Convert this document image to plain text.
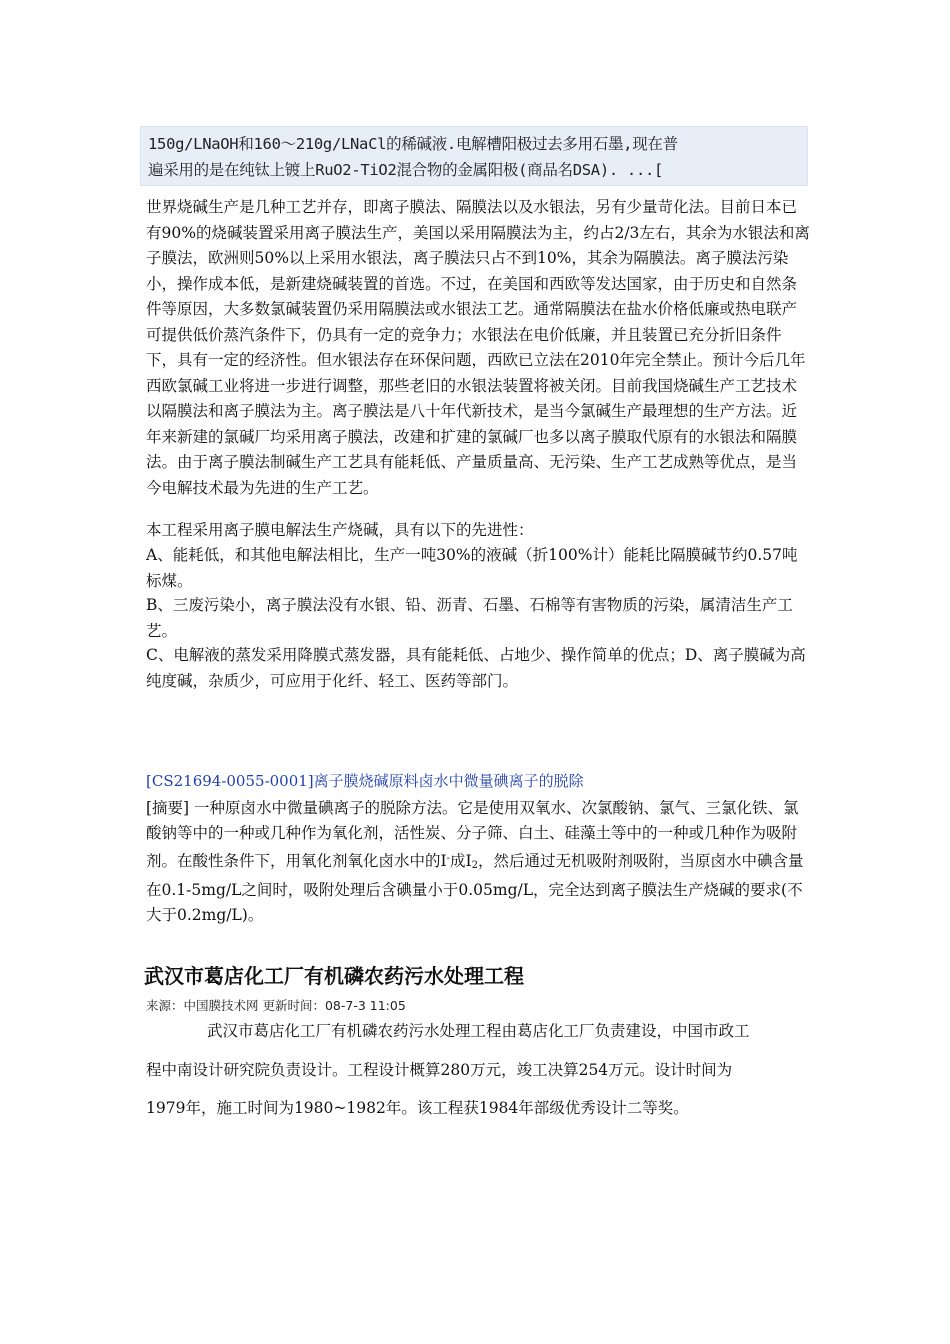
150g/LNaOH和160～210g/LNaCl的稀碱液.电解槽阳极过去多用石墨,现在普
遍采用的是在纯钛上镀上RuO2-TiO2混合物的金属阳极(商品名DSA). ...[

世界烧碱生产是几种工艺并存，即离子膜法、隔膜法以及水银法，另有少量苛化法。目前日本已有90%的烧碱装置采用离子膜法生产，美国以采用隔膜法为主，约占2/3左右，其余为水银法和离子膜法，欧洲则50%以上采用水银法，离子膜法只占不到10%，其余为隔膜法。离子膜法污染小，操作成本低，是新建烧碱装置的首选。不过，在美国和西欧等发达国家，由于历史和自然条件等原因，大多数氯碱装置仍采用隔膜法或水银法工艺。通常隔膜法在盐水价格低廉或热电联产可提供低价蒸汽条件下，仍具有一定的竞争力；水银法在电价低廉，并且装置已充分折旧条件下，具有一定的经济性。但水银法存在环保问题，西欧已立法在2010年完全禁止。预计今后几年西欧氯碱工业将进一步进行调整，那些老旧的水银法装置将被关闭。目前我国烧碱生产工艺技术以隔膜法和离子膜法为主。离子膜法是八十年代新技术，是当今氯碱生产最理想的生产方法。近年来新建的氯碱厂均采用离子膜法，改建和扩建的氯碱厂也多以离子膜取代原有的水银法和隔膜法。由于离子膜法制碱生产工艺具有能耗低、产量质量高、无污染、生产工艺成熟等优点，是当今电解技术最为先进的生产工艺。

本工程采用离子膜电解法生产烧碱，具有以下的先进性：

A、能耗低，和其他电解法相比，生产一吨30%的液碱（折100%计）能耗比隔膜碱节约0.57吨标煤。

B、三废污染小，离子膜法没有水银、铅、沥青、石墨、石棉等有害物质的污染，属清洁生产工艺。

C、电解液的蒸发采用降膜式蒸发器，具有能耗低、占地少、操作简单的优点；D、离子膜碱为高纯度碱，杂质少，可应用于化纤、轻工、医药等部门。

[CS21694-0055-0001]离子膜烧碱原料卤水中微量碘离子的脱除

[摘要] 一种原卤水中微量碘离子的脱除方法。它是使用双氧水、次氯酸钠、氯气、三氯化铁、氯酸钠等中的一种或几种作为氧化剂，活性炭、分子筛、白土、硅藻土等中的一种或几种作为吸附剂。在酸性条件下，用氧化剂氧化卤水中的I-成$I_2$，然后通过无机吸附剂吸附，当原卤水中碘含量在0.1-5mg/L之间时，吸附处理后含碘量小于0.05mg/L，完全达到离子膜法生产烧碱的要求(不大于0.2mg/L)。

武汉市葛店化工厂有机磷农药污水处理工程
来源：中国膜技术网 更新时间：08-7-3 11:05
武汉市葛店化工厂有机磷农药污水处理工程由葛店化工厂负责建设，中国市政工
程中南设计研究院负责设计。工程设计概算280万元，竣工决算254万元。设计时间为
1979年，施工时间为1980~1982年。该工程获1984年部级优秀设计二等奖。
